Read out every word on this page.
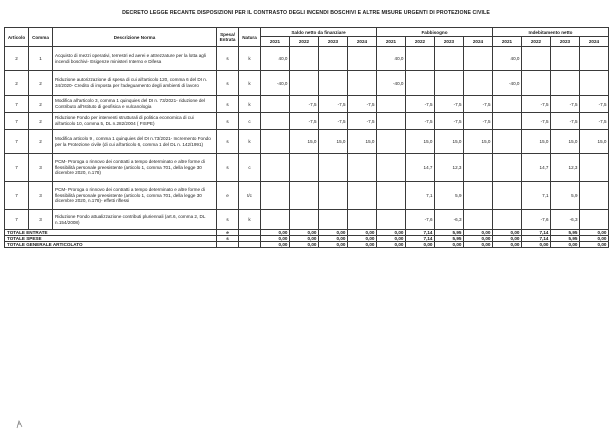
DECRETO LEGGE RECANTE DISPOSIZIONI PER IL CONTRASTO DEGLI INCENDI BOSCHIVI E ALTRE MISURE URGENTI DI PROTEZIONE CIVILE
Articolo	Comma	Descrizione Norma	Spesa/ Entrata	Natura	Saldo netto da finanziare				Fabbisogno				Indebitamento netto			
					2021	2022	2023	2024	2021	2022	2023	2024	2021	2022	2023	2024
2	1	Acquisto di mezzi operativi, terrestri ed aerei e attrezzature per la lotta agli incendi boschivi- Esigenze ministeri Interno e Difesa	s	k	40,0				40,0				40,0			
2	2	Riduzione autorizzazione di spesa di cui all'articolo 120, comma 6 del DI n. 34/2020- Credito di imposta per l'adeguamento degli ambienti di lavoro	s	k	-40,0				-40,0				-40,0			
7	2	Modifica all'articolo 3, comma 1 quinquies del DI n. 73/2021- riduzione del Contributo all'Istituto di geofisica e vulcanologia	s	k		-7,5	-7,5	-7,5		-7,5	-7,5	-7,5		-7,5	-7,5	-7,5
7	2	Riduzione Fondo per interventi strutturali di politica economica di cui all'articolo 10, comma 5, DL n.282/2004 ( FISPE)	s	c		-7,5	-7,5	-7,5		-7,5	-7,5	-7,5		-7,5	-7,5	-7,5
7	2	Modifica articolo 9 , comma 1 quinquies del DI n.73/2021- Incremento Fondo per la Protezione civile (di cui all'articolo 6, comma 1 del DL n. 142/1991)	s	k		15,0	15,0	15,0		15,0	15,0	15,0		15,0	15,0	15,0
7	3	PCM- Proroga o rinnovo dei contratti a tempo determinato e altre forme di flessibilità personale preesistente (articolo 1, comma 701, della legge 30 dicembre 2020, n.178)	s	c						14,7	12,3			14,7	12,3	
7	3	PCM- Proroga o rinnovo dei contratti a tempo determinato e altre forme di flessibilità personale preesistente (articolo 1, comma 701, della legge 30 dicembre 2020, n.178)- effetti riflessi	e	t/c						7,1	5,9			7,1	5,9	
7	3	Riduzione Fondo attualizzazione contributi pluriennali (art.6, comma 2, DL n.154/2008)	s	k						-7,6	-6,3			-7,6	-6,3	
TOTALE ENTRATE			e		0,00	0,00	0,00	0,00	0,00	7,14	5,95	0,00	0,00	7,14	5,95	0,00
TOTALE SPESE			s		0,00	0,00	0,00	0,00	0,00	7,14	5,95	0,00	0,00	7,14	5,95	0,00
TOTALE GENERALE ARTICOLATO					0,00	0,00	0,00	0,00	0,00	0,00	0,00	0,00	0,00	0,00	0,00	0,00
